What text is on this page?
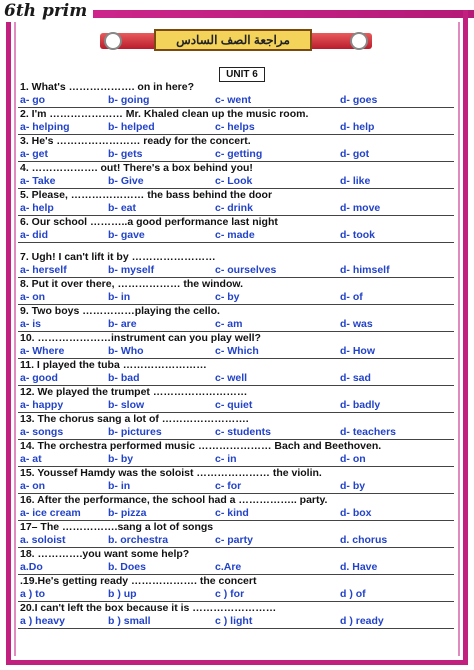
6th prim
مراجعة الصف السادس
UNIT 6
1. What's ………………. on in here?
a- go	b- going	c- went	d- goes
2. I'm ………………… Mr. Khaled clean up the music room.
a- helping	b- helped	c- helps	d- help
3. He's …………………… ready for the concert.
a- get	b- gets	c- getting	d- got
4. ………………. out! There's a box behind you!
a- Take	b- Give	c- Look	d- like
5. Please, ………………… the bass behind the door
a- help	b- eat	c- drink	d- move
6. Our school ………..a good performance last night
a- did	b- gave	c- made	d- took
7. Ugh! I can't lift it by ……………………
a- herself	b- myself	c- ourselves	d- himself
8. Put it over there, ……………… the window.
a- on	b- in	c- by	d- of
9. Two boys ……………playing the cello.
a- is	b- are	c- am	d- was
10. …………………instrument can you play well?
a- Where	b- Who	c- Which	d- How
11. I played the tuba ……………………
a- good	b- bad	c- well	d- sad
12. We played the trumpet ………………………
a- happy	b- slow	c- quiet	d- badly
13. The chorus sang a lot of …………………….
a- songs	b- pictures	c- students	d- teachers
14. The orchestra performed music ………………… Bach and Beethoven.
a- at	b- by	c- in	d- on
15. Youssef Hamdy was the soloist ………………… the violin.
a- on	b- in	c- for	d- by
16. After the performance, the school had a …………….. party.
a- ice cream	b- pizza	c- kind	d- box
17– The …………….sang a lot of songs
a. soloist	b. orchestra	c- party	d. chorus
18. ………….you want some help?
a.Do	b. Does	c.Are	d. Have
.19.He's getting ready ………………. the concert
a ) to	b ) up	c ) for	d ) of
20.I can't left the box because it is ……………………
a ) heavy	b ) small	c ) light	d ) ready
